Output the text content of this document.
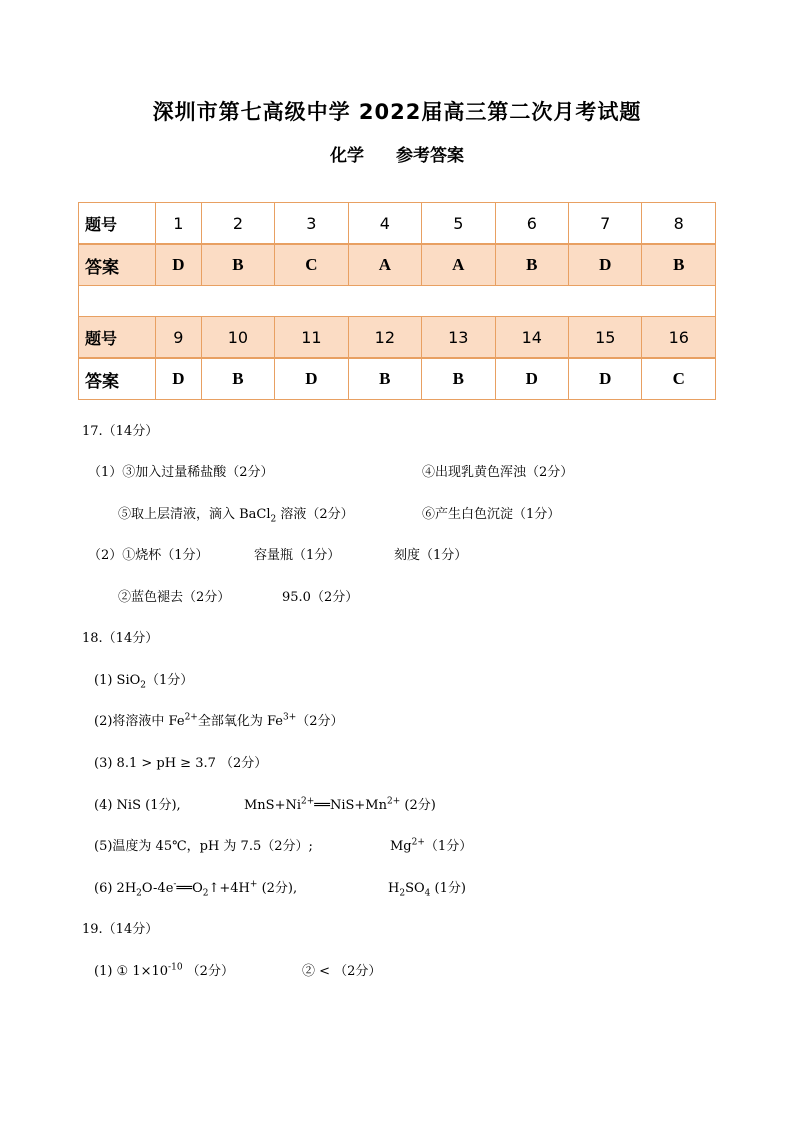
深圳市第七高级中学 2022届高三第二次月考试题
化学 参考答案
题号	1	2	3	4	5	6	7	8
答案	D	B	C	A	A	B	D	B

题号	9	10	11	12	13	14	15	16
答案	D	B	D	B	B	D	D	C
17.（14分）
（1）③加入过量稀盐酸（2分）	④出现乳黄色浑浊（2分）
⑤取上层清液，滴入 BaCl$_2$ 溶液（2分）	⑥产生白色沉淀（1分）
（2）①烧杯（1分）	容量瓶（1分）	刻度（1分）
②蓝色褪去（2分）	95.0（2分）
18.（14分）
(1) SiO$_2$（1分）
(2)将溶液中 $Fe^{2+}$全部氧化为 $Fe^{3+}(2$分）
(3) 8.1 > pH ≥ 3.7 （2分）
(4) NiS (1分),	$MnS+Ni^{2+}══NiS+Mn^{2+}$ (2分)
(5)温度为 45℃，pH 为 7.5（2分）;	$Mg^{2+}(1$分）
(6) $2H_2O-4e^-══O_2↑+4H^+$ (2分),	$H_2SO_4$ (1分)
19.（14分）
(1) ① $1\times 10^{-10}$ （2分）	② < （2分）
